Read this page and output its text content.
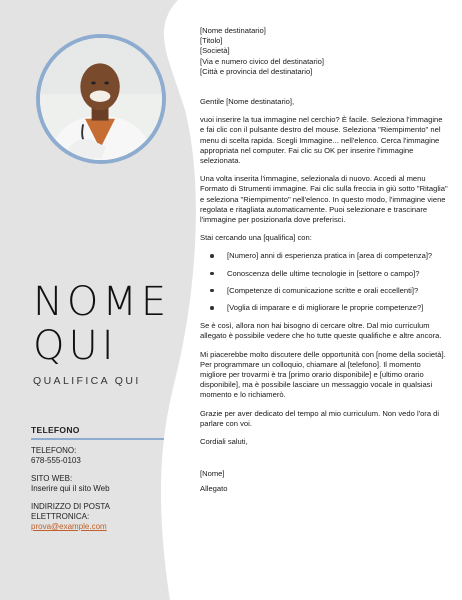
NOME
QUI
QUALIFICA QUI
TELEFONO
TELEFONO:
678-555-0103
SITO WEB:
Inserire qui il sito Web
INDIRIZZO DI POSTA ELETTRONICA:
prova@example.com

[Nome destinatario]
[Titolo]
[Società]
[Via e numero civico del destinatario]
[Città e provincia del destinatario]

Gentile [Nome destinatario],

vuoi inserire la tua immagine nel cerchio? È facile. Seleziona l'immagine e fai clic con il pulsante destro del mouse. Seleziona "Riempimento" nel menu di scelta rapida. Scegli Immagine... nell'elenco. Cerca l'immagine appropriata nel computer. Fai clic su OK per inserire l'immagine selezionata.

Una volta inserita l'immagine, selezionala di nuovo. Accedi al menu Formato di Strumenti immagine. Fai clic sulla freccia in giù sotto "Ritaglia" e seleziona "Riempimento" nell'elenco. In questo modo, l'immagine viene regolata e ritagliata automaticamente. Puoi selezionare e trascinare l'immagine per posizionarla dove preferisci.

Stai cercando una [qualifica] con:

[Numero] anni di esperienza pratica in [area di competenza]?
Conoscenza delle ultime tecnologie in [settore o campo]?
[Competenze di comunicazione scritte e orali eccellenti]?
[Voglia di imparare e di migliorare le proprie competenze?]

Se è così, allora non hai bisogno di cercare oltre. Dal mio curriculum allegato è possibile vedere che ho tutte queste qualifiche e altre ancora.

Mi piacerebbe molto discutere delle opportunità con [nome della società]. Per programmare un colloquio, chiamare al [telefono]. Il momento migliore per trovarmi è tra [primo orario disponibile] e [ultimo orario disponibile], ma è possibile lasciare un messaggio vocale in qualsiasi momento e lo richiamerò.

Grazie per aver dedicato del tempo al mio curriculum. Non vedo l'ora di parlare con voi.

Cordiali saluti,

[Nome]

Allegato
